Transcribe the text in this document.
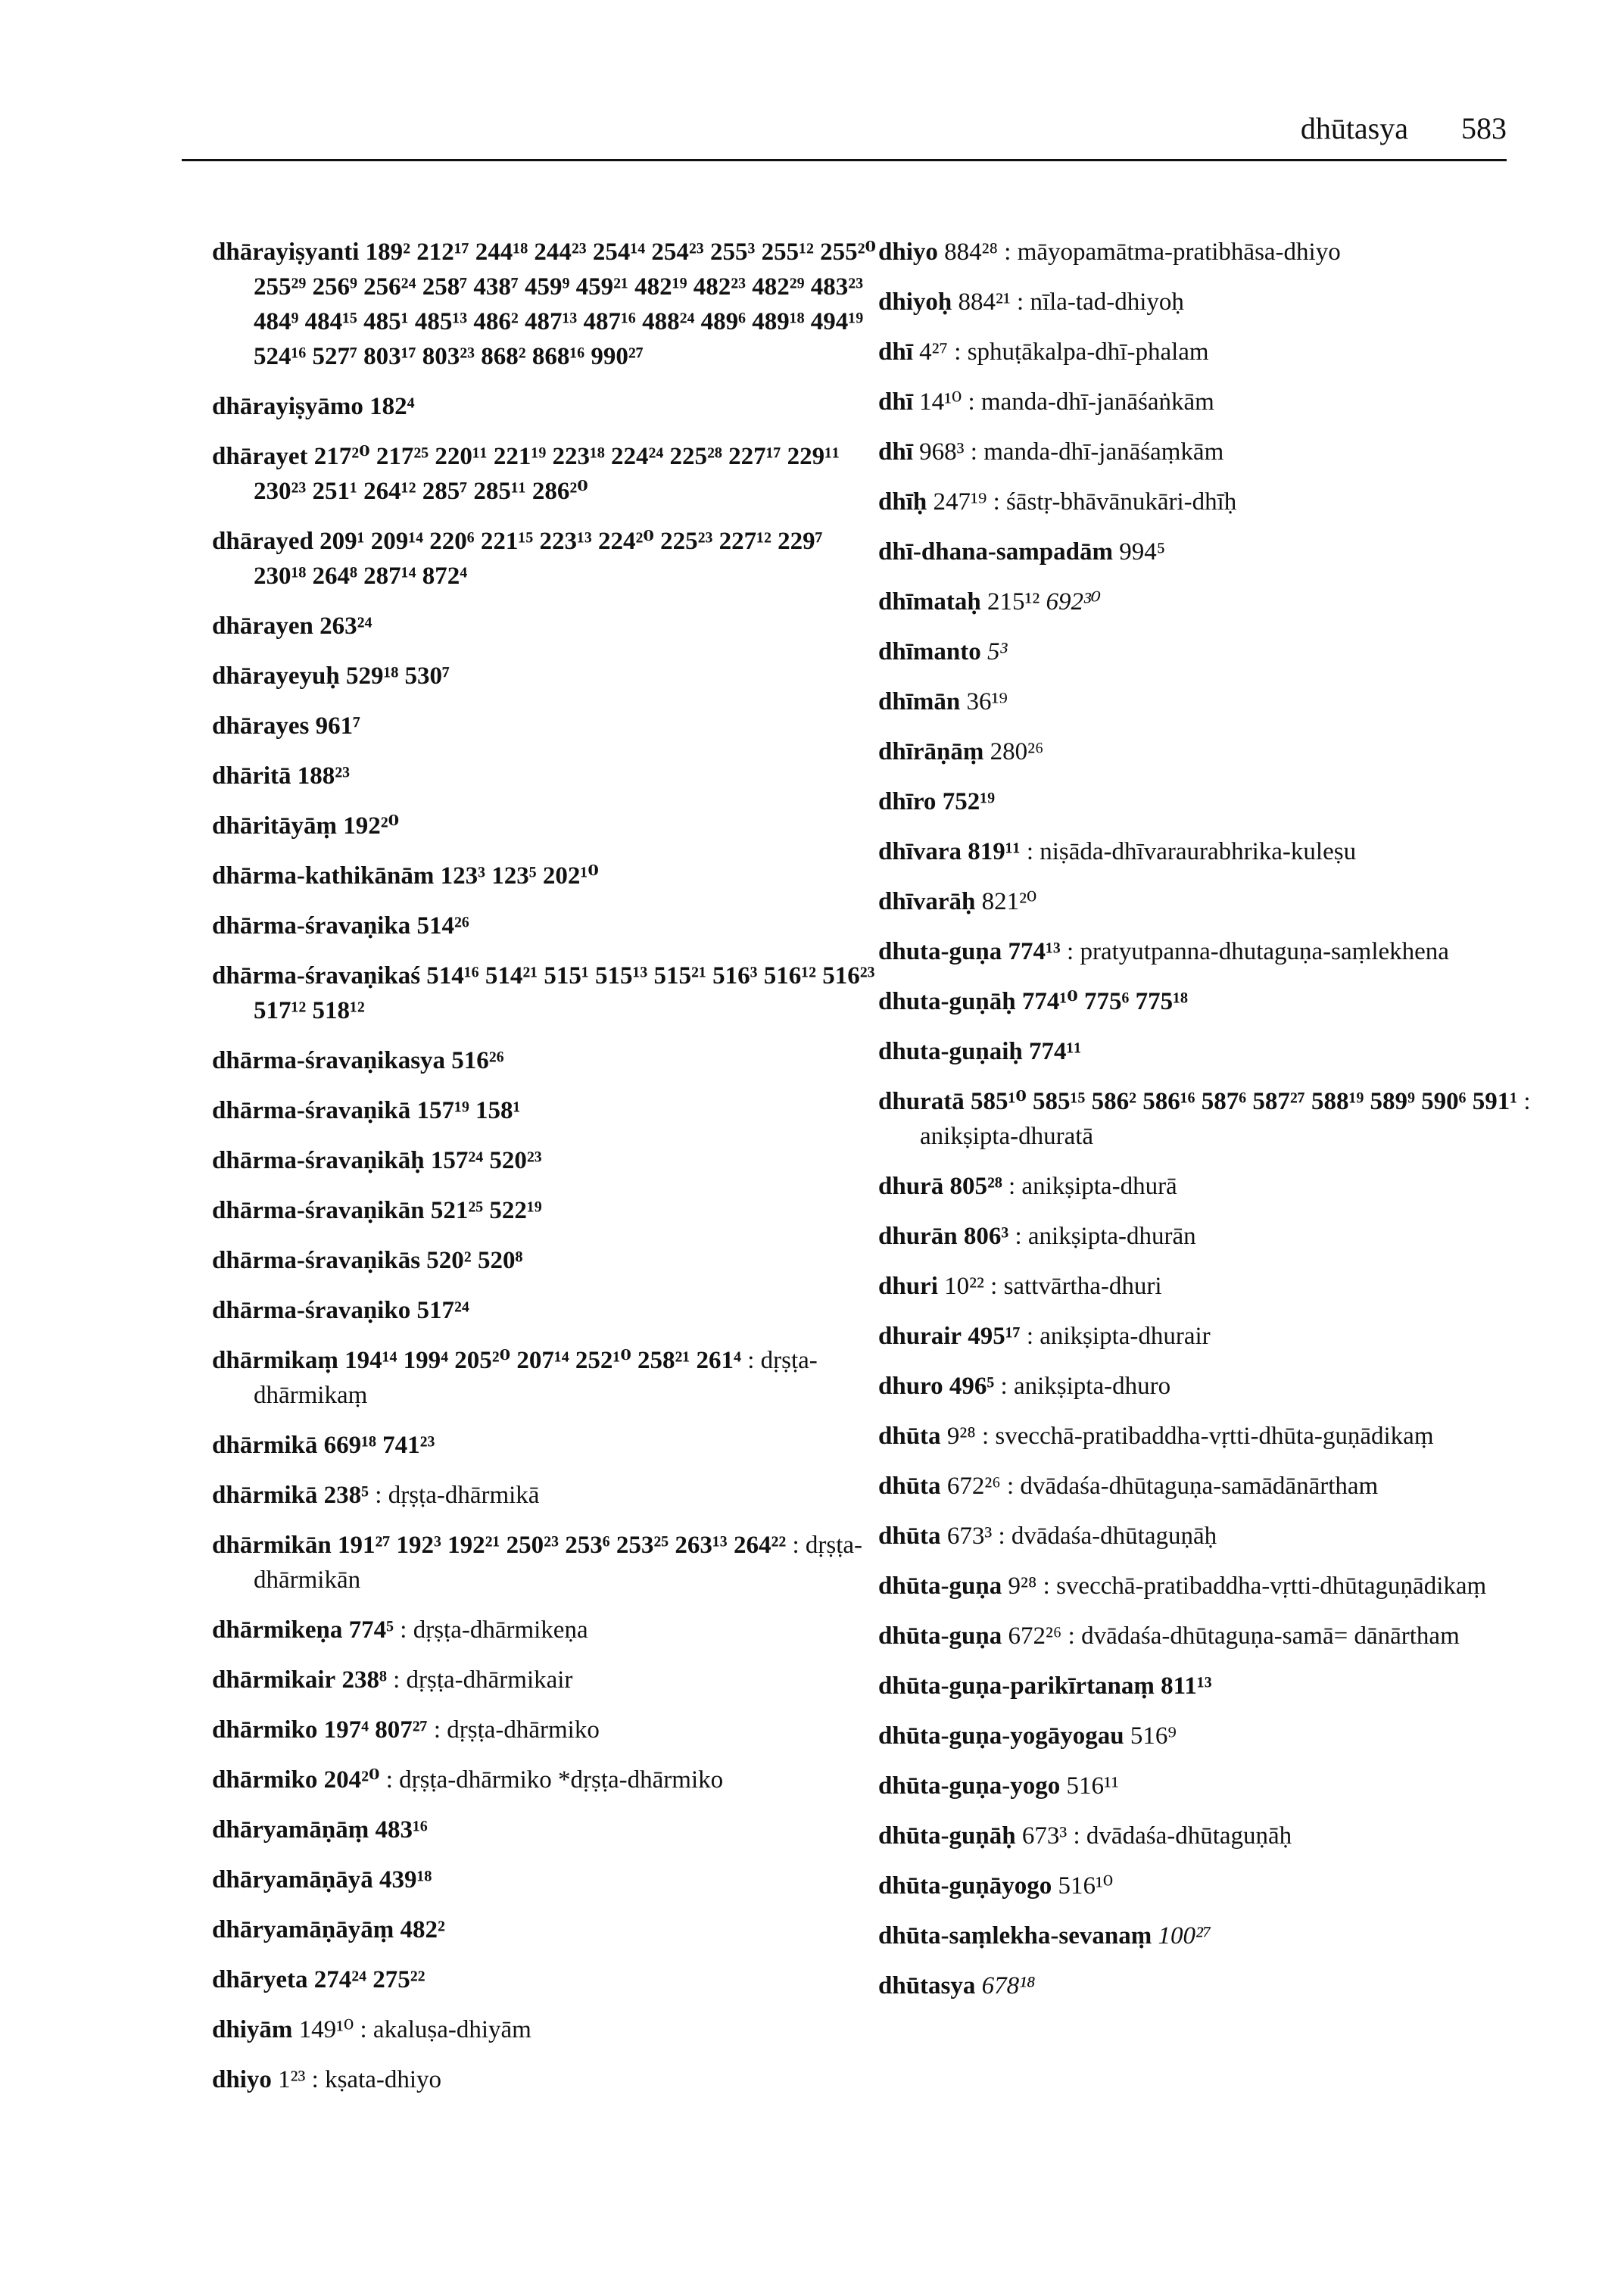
dhūtasya 583

dhārayiṣyanti 189² 212¹⁷ 244¹⁸ 244²³ 254¹⁴ 254²³ 255³ 255¹² 255²⁰ 255²⁹ 256⁹ 256²⁴ 258⁷ 438⁷ 459⁹ 459²¹ 482¹⁹ 482²³ 482²⁹ 483²³ 484⁹ 484¹⁵ 485¹ 485¹³ 486² 487¹³ 487¹⁶ 488²⁴ 489⁶ 489¹⁸ 494¹⁹ 524¹⁶ 527⁷ 803¹⁷ 803²³ 868² 868¹⁶ 990²⁷

dhārayiṣyāmo 182⁴

dhārayet 217²⁰ 217²⁵ 220¹¹ 221¹⁹ 223¹⁸ 224²⁴ 225²⁸ 227¹⁷ 229¹¹ 230²³ 251¹ 264¹² 285⁷ 285¹¹ 286²⁰

dhārayed 209¹ 209¹⁴ 220⁶ 221¹⁵ 223¹³ 224²⁰ 225²³ 227¹² 229⁷ 230¹⁸ 264⁸ 287¹⁴ 872⁴

dhārayen 263²⁴

dhārayeyuḥ 529¹⁸ 530⁷

dhārayes 961⁷

dhāritā 188²³

dhāritāyāṃ 192²⁰

dhārma-kathikānām 123³ 123⁵ 202¹⁰

dhārma-śravaṇika 514²⁶

dhārma-śravaṇikaś 514¹⁶ 514²¹ 515¹ 515¹³ 515²¹ 516³ 516¹² 516²³ 517¹² 518¹²

dhārma-śravaṇikasya 516²⁶

dhārma-śravaṇikā 157¹⁹ 158¹

dhārma-śravaṇikāḥ 157²⁴ 520²³

dhārma-śravaṇikān 521²⁵ 522¹⁹

dhārma-śravaṇikās 520² 520⁸

dhārma-śravaṇiko 517²⁴

dhārmikaṃ 194¹⁴ 199⁴ 205²⁰ 207¹⁴ 252¹⁰ 258²¹ 261⁴ : dṛṣṭa-dhārmikaṃ

dhārmikā 669¹⁸ 741²³

dhārmikā 238⁵ : dṛṣṭa-dhārmikā

dhārmikān 191²⁷ 192³ 192²¹ 250²³ 253⁶ 253²⁵ 263¹³ 264²² : dṛṣṭa-dhārmikān

dhārmikeṇa 774⁵ : dṛṣṭa-dhārmikeṇa

dhārmikair 238⁸ : dṛṣṭa-dhārmikair

dhārmiko 197⁴ 807²⁷ : dṛṣṭa-dhārmiko

dhārmiko 204²⁰ : dṛṣṭa-dhārmiko *dṛṣṭa-dhārmiko

dhāryamāṇāṃ 483¹⁶

dhāryamāṇāyā 439¹⁸

dhāryamāṇāyāṃ 482²

dhāryeta 274²⁴ 275²²

dhiyām 149¹⁰ : akaluṣa-dhiyām

dhiyo 1²³ : kṣata-dhiyo

dhiyo 884²⁸ : māyopamātma-pratibhāsa-dhiyo

dhiyoḥ 884²¹ : nīla-tad-dhiyoḥ

dhī 4²⁷ : sphuṭākalpa-dhī-phalam

dhī 14¹⁰ : manda-dhī-janāśaṅkām

dhī 968³ : manda-dhī-janāśaṃkām

dhīḥ 247¹⁹ : śāstṛ-bhāvānukāri-dhīḥ

dhī-dhana-sampadām 994⁵

dhīmataḥ 215¹² 692³⁰

dhīmanto 5³

dhīmān 36¹⁹

dhīrāṇāṃ 280²⁶

dhīro 752¹⁹

dhīvara 819¹¹ : niṣāda-dhīvaraurabhrika-kuleṣu

dhīvarāḥ 821²⁰

dhuta-guṇa 774¹³ : pratyutpanna-dhutaguṇa-saṃlekhena

dhuta-guṇāḥ 774¹⁰ 775⁶ 775¹⁸

dhuta-guṇaiḥ 774¹¹

dhuratā 585¹⁰ 585¹⁵ 586² 586¹⁶ 587⁶ 587²⁷ 588¹⁹ 589⁹ 590⁶ 591¹ : anikṣipta-dhuratā

dhurā 805²⁸ : anikṣipta-dhurā

dhurān 806³ : anikṣipta-dhurān

dhuri 10²² : sattvārtha-dhuri

dhurair 495¹⁷ : anikṣipta-dhurair

dhuro 496⁵ : anikṣipta-dhuro

dhūta 9²⁸ : svecchā-pratibaddha-vṛtti-dhūta-guṇādikaṃ

dhūta 672²⁶ : dvādaśa-dhūtaguṇa-samādānārtham

dhūta 673³ : dvādaśa-dhūtaguṇāḥ

dhūta-guṇa 9²⁸ : svecchā-pratibaddha-vṛtti-dhūtaguṇādikaṃ

dhūta-guṇa 672²⁶ : dvādaśa-dhūtaguṇa-samā= dānārtham

dhūta-guṇa-parikīrtanaṃ 811¹³

dhūta-guṇa-yogāyogau 516⁹

dhūta-guṇa-yogo 516¹¹

dhūta-guṇāḥ 673³ : dvādaśa-dhūtaguṇāḥ

dhūta-guṇāyogo 516¹⁰

dhūta-saṃlekha-sevanaṃ 100²⁷

dhūtasya 678¹⁸
